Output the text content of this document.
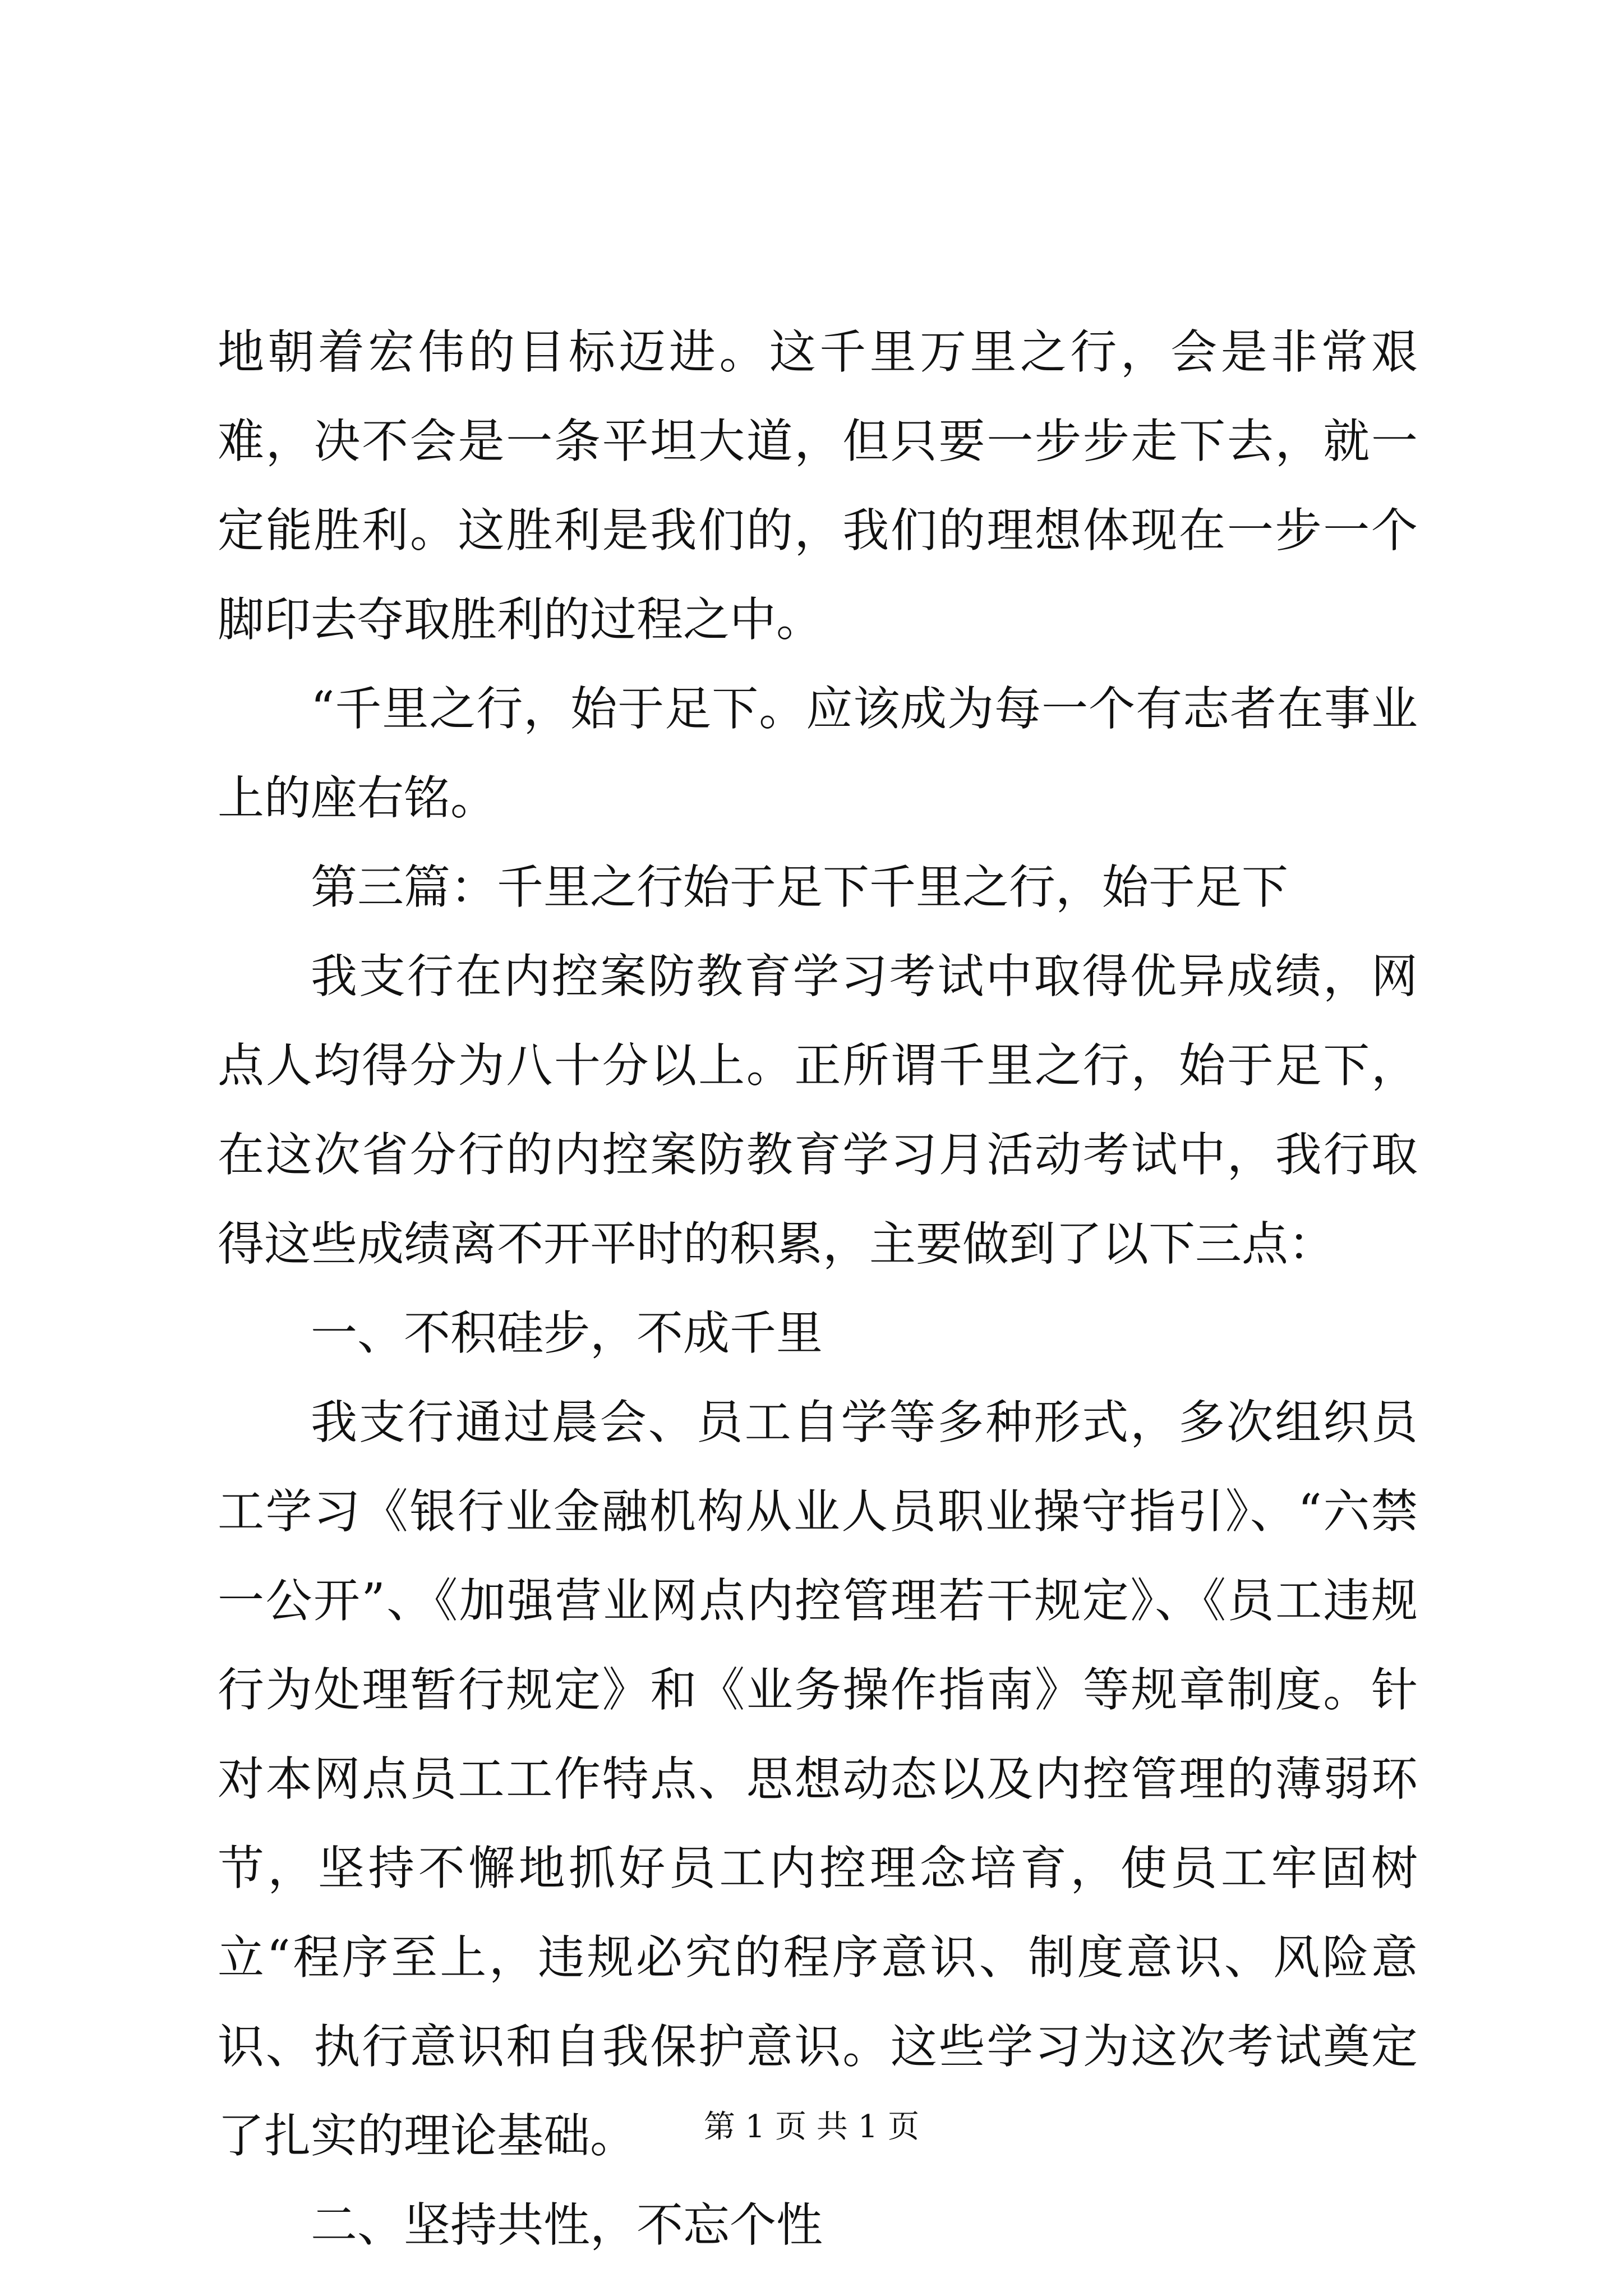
地朝着宏伟的目标迈进。这千里万里之行，会是非常艰难，决不会是一条平坦大道，但只要一步步走下去，就一定能胜利。这胜利是我们的，我们的理想体现在一步一个脚印去夺取胜利的过程之中。

“千里之行，始于足下。应该成为每一个有志者在事业上的座右铭。

第三篇：千里之行始于足下千里之行，始于足下

我支行在内控案防教育学习考试中取得优异成绩，网点人均得分为八十分以上。正所谓千里之行，始于足下，在这次省分行的内控案防教育学习月活动考试中，我行取得这些成绩离不开平时的积累，主要做到了以下三点：

一、不积硅步，不成千里

我支行通过晨会、员工自学等多种形式，多次组织员工学习《银行业金融机构从业人员职业操守指引》、“六禁一公开”、《加强营业网点内控管理若干规定》、《员工违规行为处理暂行规定》和《业务操作指南》等规章制度。针对本网点员工工作特点、思想动态以及内控管理的薄弱环节，坚持不懈地抓好员工内控理念培育，使员工牢固树立“程序至上，违规必究的程序意识、制度意识、风险意识、执行意识和自我保护意识。这些学习为这次考试奠定了扎实的理论基础。

二、坚持共性，不忘个性

第 1 页 共 1 页
